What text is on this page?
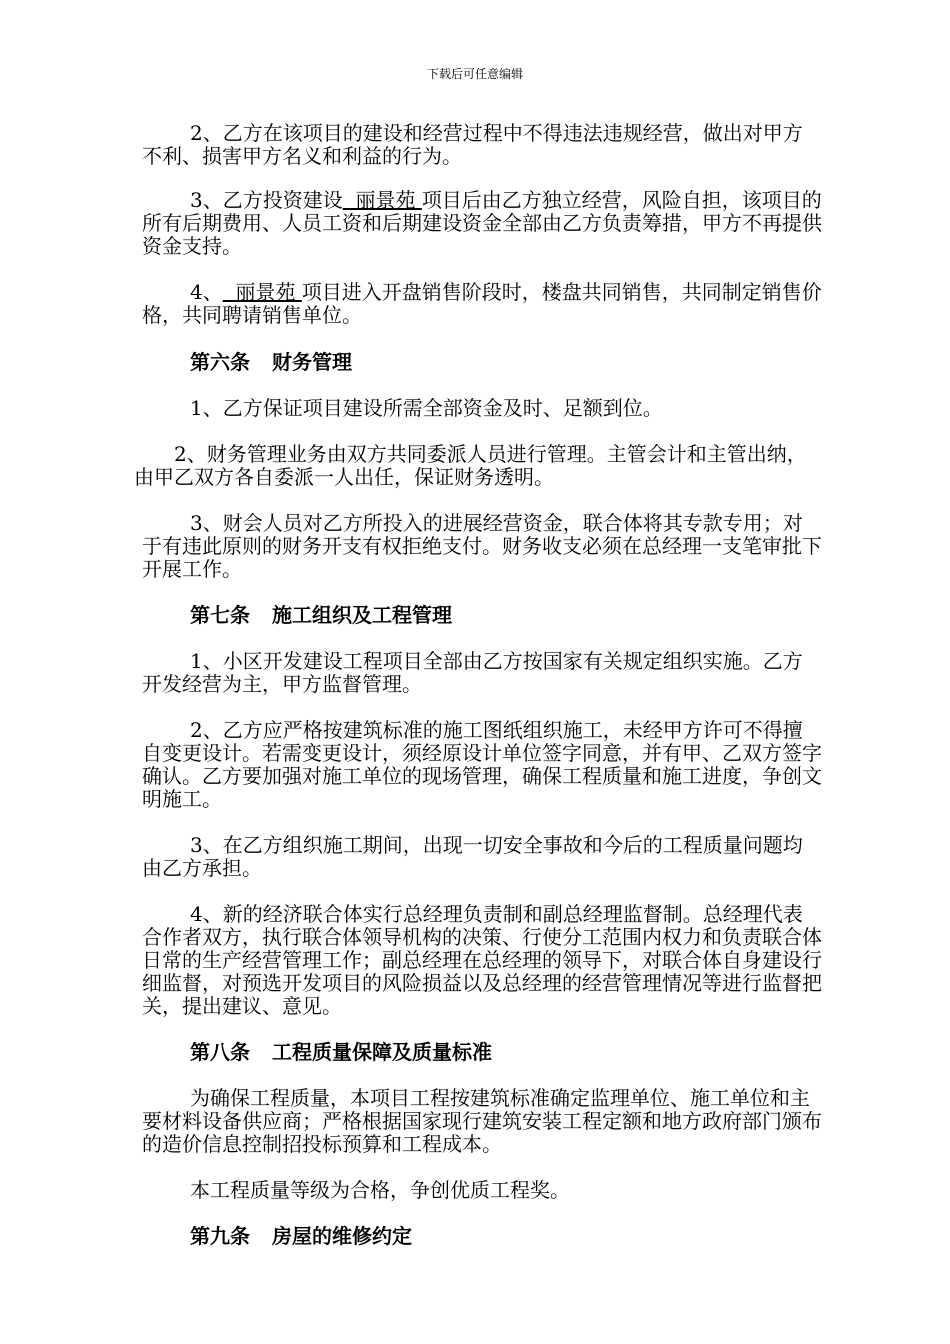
下载后可任意编辑

2、乙方在该项目的建设和经营过程中不得违法违规经营，做出对甲方不利、损害甲方名义和利益的行为。

3、乙方投资建设  丽景苑 项目后由乙方独立经营，风险自担，该项目的所有后期费用、人员工资和后期建设资金全部由乙方负责筹措，甲方不再提供资金支持。

4、  丽景苑 项目进入开盘销售阶段时，楼盘共同销售，共同制定销售价格，共同聘请销售单位。

第六条 财务管理

1、乙方保证项目建设所需全部资金及时、足额到位。

2、财务管理业务由双方共同委派人员进行管理。主管会计和主管出纳，由甲乙双方各自委派一人出任，保证财务透明。

3、财会人员对乙方所投入的进展经营资金，联合体将其专款专用；对于有违此原则的财务开支有权拒绝支付。财务收支必须在总经理一支笔审批下开展工作。

第七条 施工组织及工程管理

1、小区开发建设工程项目全部由乙方按国家有关规定组织实施。乙方开发经营为主，甲方监督管理。

2、乙方应严格按建筑标准的施工图纸组织施工，未经甲方许可不得擅自变更设计。若需变更设计，须经原设计单位签字同意，并有甲、乙双方签字确认。乙方要加强对施工单位的现场管理，确保工程质量和施工进度，争创文明施工。

3、在乙方组织施工期间，出现一切安全事故和今后的工程质量问题均由乙方承担。

4、新的经济联合体实行总经理负责制和副总经理监督制。总经理代表合作者双方，执行联合体领导机构的决策、行使分工范围内权力和负责联合体日常的生产经营管理工作；副总经理在总经理的领导下，对联合体自身建设行细监督，对预选开发项目的风险损益以及总经理的经营管理情况等进行监督把关，提出建议、意见。

第八条 工程质量保障及质量标准

为确保工程质量，本项目工程按建筑标准确定监理单位、施工单位和主要材料设备供应商；严格根据国家现行建筑安装工程定额和地方政府部门颁布的造价信息控制招投标预算和工程成本。

本工程质量等级为合格，争创优质工程奖。

第九条 房屋的维修约定
